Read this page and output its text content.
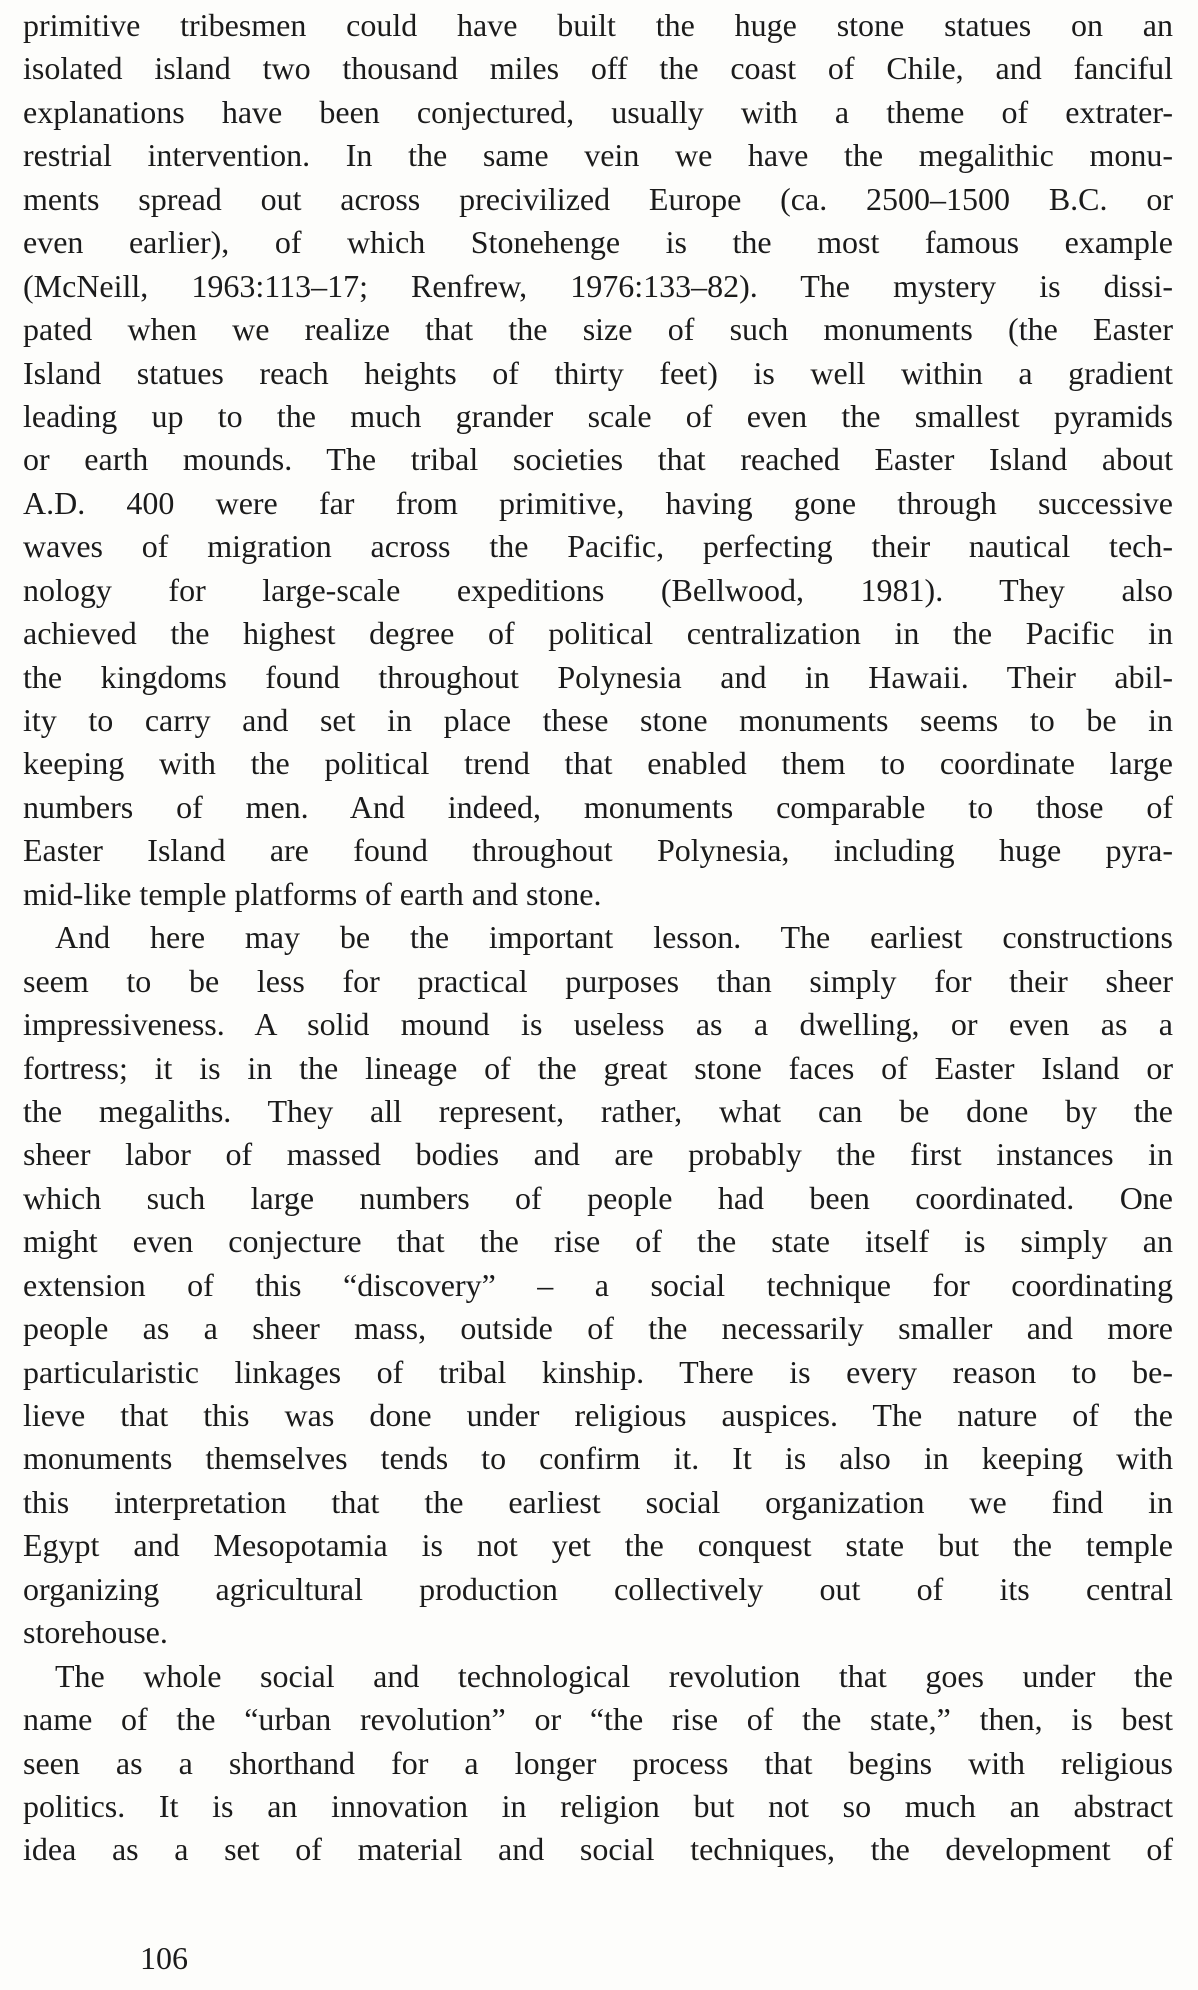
primitive tribesmen could have built the huge stone statues on an
isolated island two thousand miles off the coast of Chile, and fanciful
explanations have been conjectured, usually with a theme of extrater-
restrial intervention. In the same vein we have the megalithic monu-
ments spread out across precivilized Europe (ca. 2500–1500 B.C. or
even earlier), of which Stonehenge is the most famous example
(McNeill, 1963:113–17; Renfrew, 1976:133–82). The mystery is dissi-
pated when we realize that the size of such monuments (the Easter
Island statues reach heights of thirty feet) is well within a gradient
leading up to the much grander scale of even the smallest pyramids
or earth mounds. The tribal societies that reached Easter Island about
A.D. 400 were far from primitive, having gone through successive
waves of migration across the Pacific, perfecting their nautical tech-
nology for large-scale expeditions (Bellwood, 1981). They also
achieved the highest degree of political centralization in the Pacific in
the kingdoms found throughout Polynesia and in Hawaii. Their abil-
ity to carry and set in place these stone monuments seems to be in
keeping with the political trend that enabled them to coordinate large
numbers of men. And indeed, monuments comparable to those of
Easter Island are found throughout Polynesia, including huge pyra-
mid-like temple platforms of earth and stone.
And here may be the important lesson. The earliest constructions
seem to be less for practical purposes than simply for their sheer
impressiveness. A solid mound is useless as a dwelling, or even as a
fortress; it is in the lineage of the great stone faces of Easter Island or
the megaliths. They all represent, rather, what can be done by the
sheer labor of massed bodies and are probably the first instances in
which such large numbers of people had been coordinated. One
might even conjecture that the rise of the state itself is simply an
extension of this “discovery” – a social technique for coordinating
people as a sheer mass, outside of the necessarily smaller and more
particularistic linkages of tribal kinship. There is every reason to be-
lieve that this was done under religious auspices. The nature of the
monuments themselves tends to confirm it. It is also in keeping with
this interpretation that the earliest social organization we find in
Egypt and Mesopotamia is not yet the conquest state but the temple
organizing agricultural production collectively out of its central
storehouse.
The whole social and technological revolution that goes under the
name of the “urban revolution” or “the rise of the state,” then, is best
seen as a shorthand for a longer process that begins with religious
politics. It is an innovation in religion but not so much an abstract
idea as a set of material and social techniques, the development of
106
